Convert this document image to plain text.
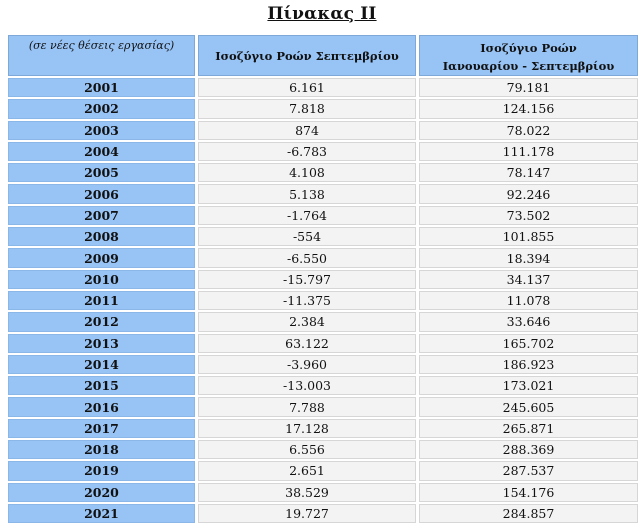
Πίνακας ΙΙ
(σε νέες θέσεις εργασίας)	Ισοζύγιο Ροών Σεπτεμβρίου	Ισοζύγιο Ροών
Ιανουαρίου - Σεπτεμβρίου

2001	6.161	79.181
2002	7.818	124.156
2003	874	78.022
2004	-6.783	111.178
2005	4.108	78.147
2006	5.138	92.246
2007	-1.764	73.502
2008	-554	101.855
2009	-6.550	18.394
2010	-15.797	34.137
2011	-11.375	11.078
2012	2.384	33.646
2013	63.122	165.702
2014	-3.960	186.923
2015	-13.003	173.021
2016	7.788	245.605
2017	17.128	265.871
2018	6.556	288.369
2019	2.651	287.537
2020	38.529	154.176
2021	19.727	284.857
